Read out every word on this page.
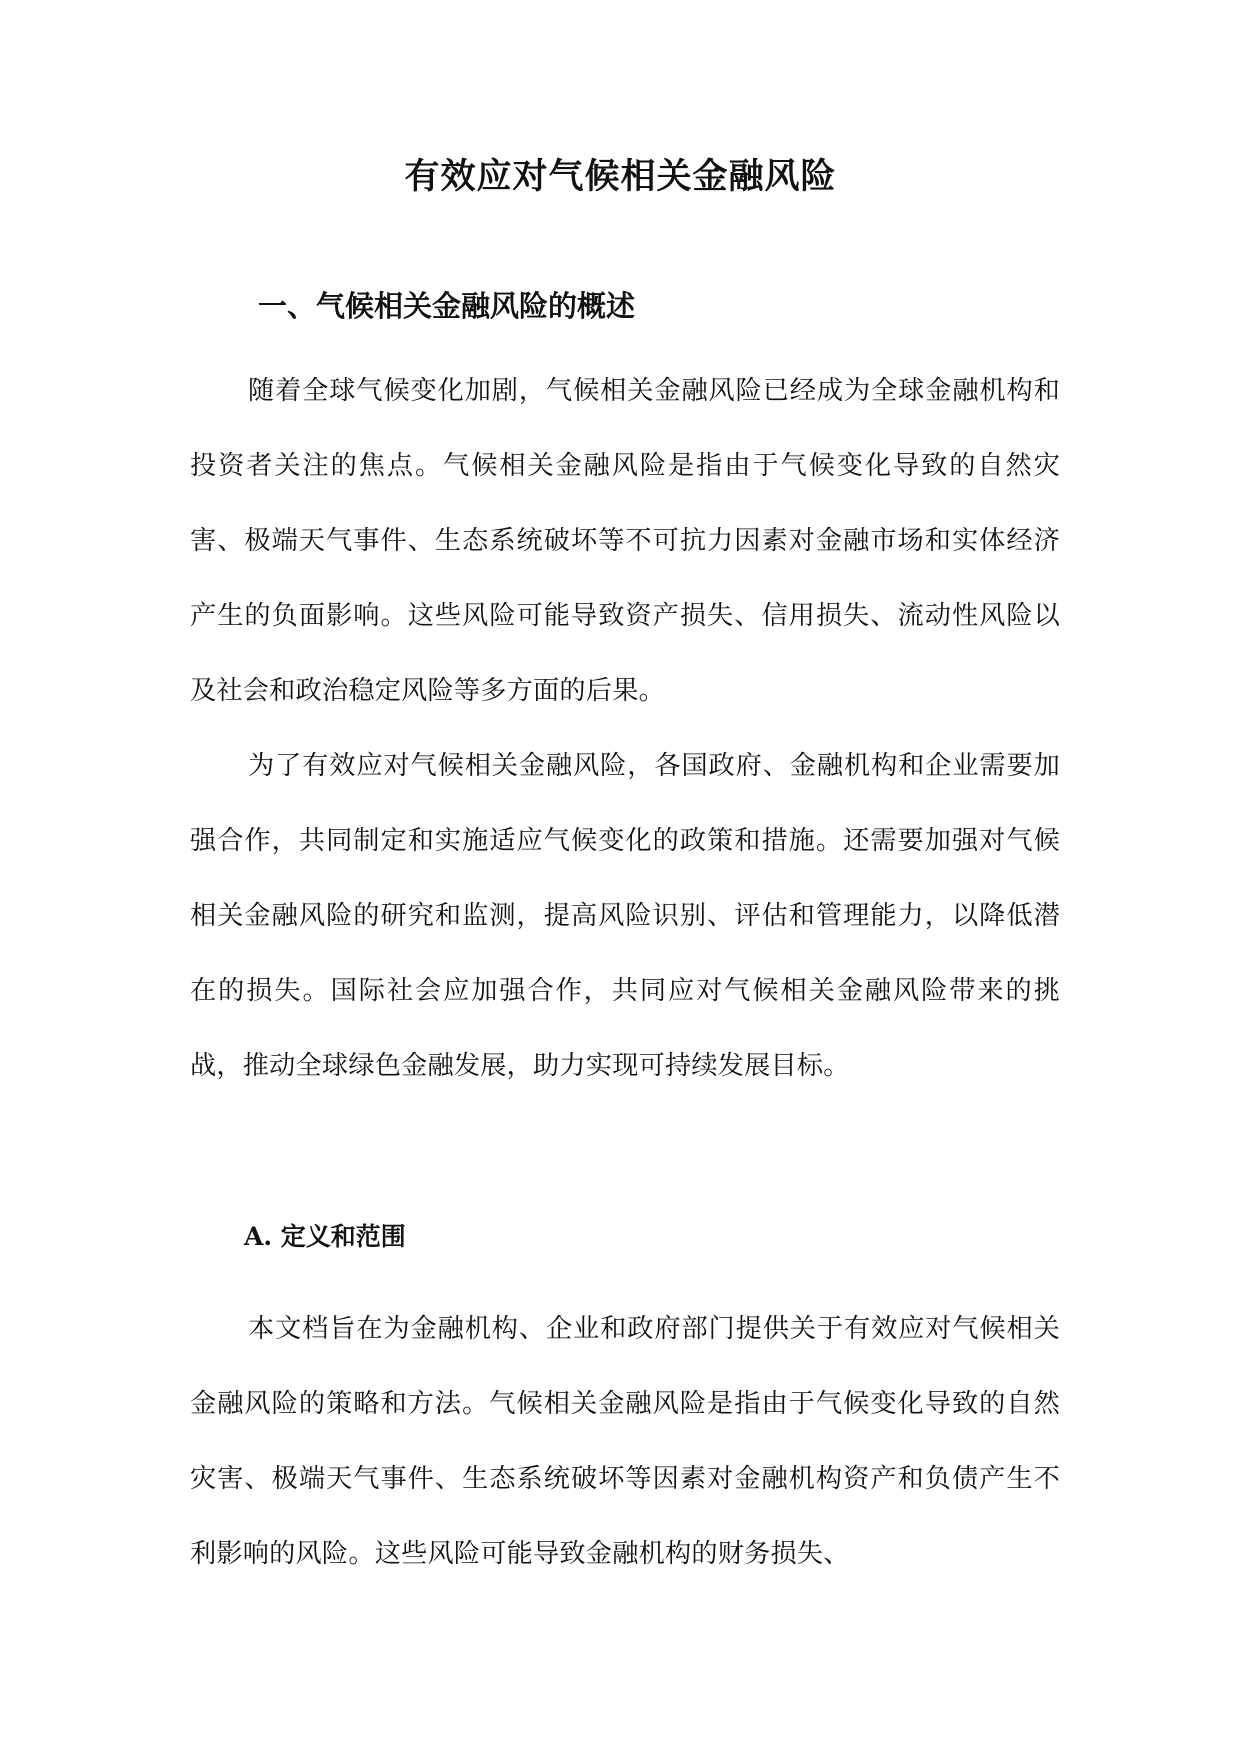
有效应对气候相关金融风险
一、气候相关金融风险的概述

随着全球气候变化加剧，气候相关金融风险已经成为全球金融机构和投资者关注的焦点。气候相关金融风险是指由于气候变化导致的自然灾害、极端天气事件、生态系统破坏等不可抗力因素对金融市场和实体经济产生的负面影响。这些风险可能导致资产损失、信用损失、流动性风险以及社会和政治稳定风险等多方面的后果。

为了有效应对气候相关金融风险，各国政府、金融机构和企业需要加强合作，共同制定和实施适应气候变化的政策和措施。还需要加强对气候相关金融风险的研究和监测，提高风险识别、评估和管理能力，以降低潜在的损失。国际社会应加强合作，共同应对气候相关金融风险带来的挑战，推动全球绿色金融发展，助力实现可持续发展目标。

A. 定义和范围

本文档旨在为金融机构、企业和政府部门提供关于有效应对气候相关金融风险的策略和方法。气候相关金融风险是指由于气候变化导致的自然灾害、极端天气事件、生态系统破坏等因素对金融机构资产和负债产生不利影响的风险。这些风险可能导致金融机构的财务损失、
